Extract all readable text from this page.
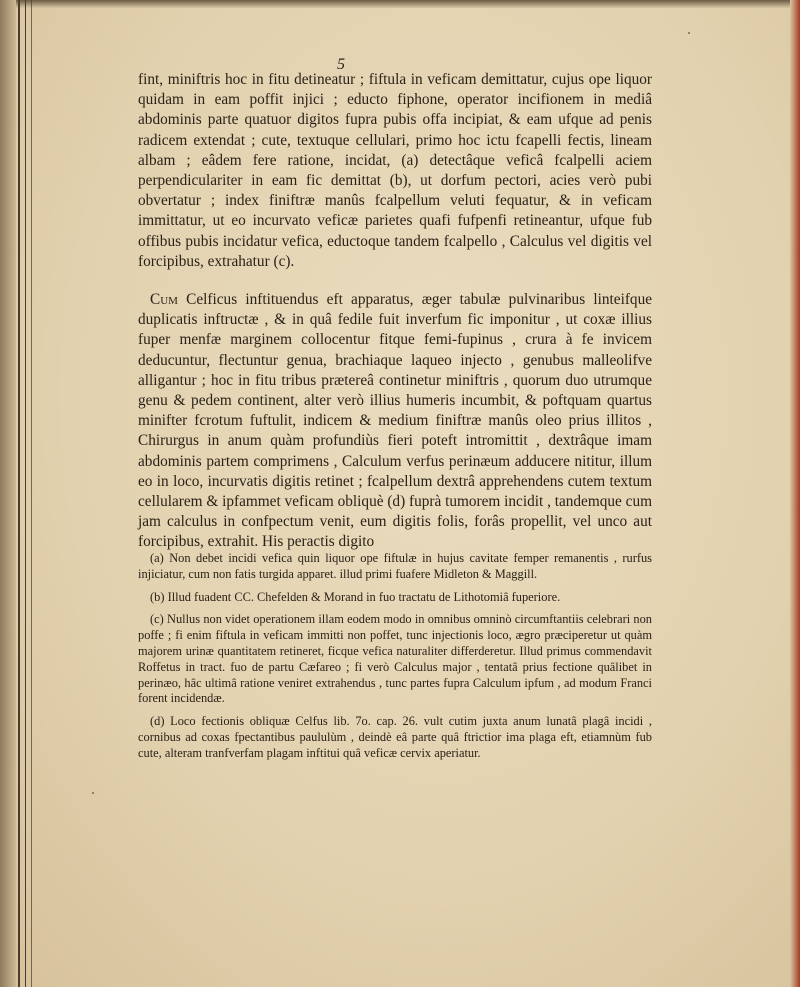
5
fint, miniftris hoc in fitu detineatur ; fiftula in veficam demittatur, cujus ope liquor quidam in eam poffit injici ; educto fiphone, operator incifionem in mediâ abdominis parte quatuor digitos fupra pubis offa incipiat, & eam ufque ad penis radicem extendat ; cute, textuque cellulari, primo hoc ictu fcapelli fectis, lineam albam ; eâdem fere ratione, incidat, (a) detectâque veficâ fcalpelli aciem perpendiculariter in eam fic demittat (b), ut dorfum pectori, acies verò pubi obvertatur ; index finiftræ manûs fcalpellum veluti fequatur, & in veficam immittatur, ut eo incurvato veficæ parietes quafi fufpenfi retineantur, ufque fub offibus pubis incidatur vefica, eductoque tandem fcalpello , Calculus vel digitis vel forcipibus, extrahatur (c).
Cum Celficus inftituendus eft apparatus, æger tabulæ pulvinaribus linteifque duplicatis inftructæ , & in quâ fedile fuit inverfum fic imponitur , ut coxæ illius fuper menfæ marginem collocentur fitque femi-fupinus , crura à fe invicem deducuntur, flectuntur genua, brachiaque laqueo injecto , genubus malleolifve alligantur ; hoc in fitu tribus prætereâ continetur miniftris , quorum duo utrumque genu & pedem continent, alter verò illius humeris incumbit, & poftquam quartus minifter fcrotum fuftulit, indicem & medium finiftræ manûs oleo prius illitos , Chirurgus in anum quàm profundiùs fieri poteft intromittit , dextrâque imam abdominis partem comprimens , Calculum verfus perinæum adducere nititur, illum eo in loco, incurvatis digitis retinet ; fcalpellum dextrâ apprehendens cutem textum cellularem & ipfammet veficam obliquè (d) fuprà tumorem incidit , tandemque cum jam calculus in confpectum venit, eum digitis folis, forâs propellit, vel unco aut forcipibus, extrahit. His peractis digito

(a) Non debet incidi vefica quin liquor ope fiftulæ in hujus cavitate femper remanentis , rurfus injiciatur, cum non fatis turgida apparet. illud primi fuafere Midleton & Maggill.

(b) Illud fuadent CC. Chefelden & Morand in fuo tractatu de Lithotomiâ fuperiore.

(c) Nullus non videt operationem illam eodem modo in omnibus omninò circumftantiis celebrari non poffe ; fi enim fiftula in veficam immitti non poffet, tunc injectionis loco, ægro præciperetur ut quàm majorem urinæ quantitatem retineret, ficque vefica naturaliter differderetur. Illud primus commendavit Roffetus in tract. fuo de partu Cæfareo ; fi verò Calculus major , tentatâ prius fectione quâlibet in perinæo, hâc ultimâ ratione veniret extrahendus , tunc partes fupra Calculum ipfum , ad modum Franci forent incidendæ.

(d) Loco fectionis obliquæ Celfus lib. 7o. cap. 26. vult cutim juxta anum lunatâ plagâ incidi , cornibus ad coxas fpectantibus paululùm , deindè eâ parte quâ ftrictior ima plaga eft, etiamnùm fub cute, alteram tranfverfam plagam inftitui quâ veficæ cervix aperiatur.
